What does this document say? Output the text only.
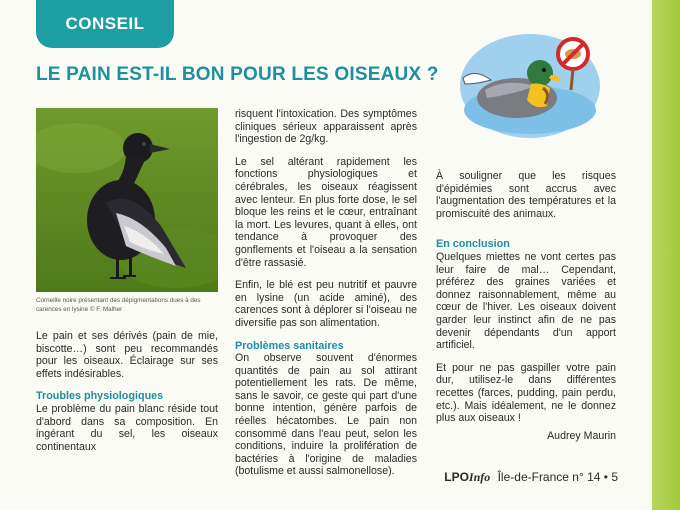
CONSEIL
LE PAIN EST-IL BON POUR LES OISEAUX ?

Corneille noire présentant des dépigmentations dues à des carences en lysine © F. Malher

Le pain et ses dérivés (pain de mie, biscotte…) sont peu recommandés pour les oiseaux. Éclairage sur ses effets indésirables.

Troubles physiologiques

Le problème du pain blanc réside tout d'abord dans sa composition. En ingérant du sel, les oiseaux continentaux

risquent l'intoxication. Des symptômes cliniques sérieux apparaissent après l'ingestion de 2g/kg.

Le sel altérant rapidement les fonctions physiologiques et cérébrales, les oiseaux réagissent avec lenteur. En plus forte dose, le sel bloque les reins et le cœur, entraînant la mort. Les levures, quant à elles, ont tendance à provoquer des gonflements et l'oiseau a la sensation d'être rassasié.

Enfin, le blé est peu nutritif et pauvre en lysine (un acide aminé), des carences sont à déplorer si l'oiseau ne diversifie pas son alimentation.

Problèmes sanitaires

On observe souvent d'énormes quantités de pain au sol attirant potentiellement les rats. De même, sans le savoir, ce geste qui part d'une bonne intention, génère parfois de réelles hécatombes. Le pain non consommé dans l'eau peut, selon les conditions, induire la prolifération de bactéries à l'origine de maladies (botulisme et aussi salmonellose).

À souligner que les risques d'épidémies sont accrus avec l'augmentation des températures et la promiscuité des animaux.

En conclusion

Quelques miettes ne vont certes pas leur faire de mal… Cependant, préférez des graines variées et donnez raisonnablement, même au cœur de l'hiver. Les oiseaux doivent garder leur instinct afin de ne pas devenir dépendants d'un apport artificiel.

Et pour ne pas gaspiller votre pain dur, utilisez-le dans différentes recettes (farces, pudding, pain perdu, etc.). Mais idéalement, ne le donnez plus aux oiseaux !

Audrey Maurin
LPOInfo Île-de-France n° 14 • 5
